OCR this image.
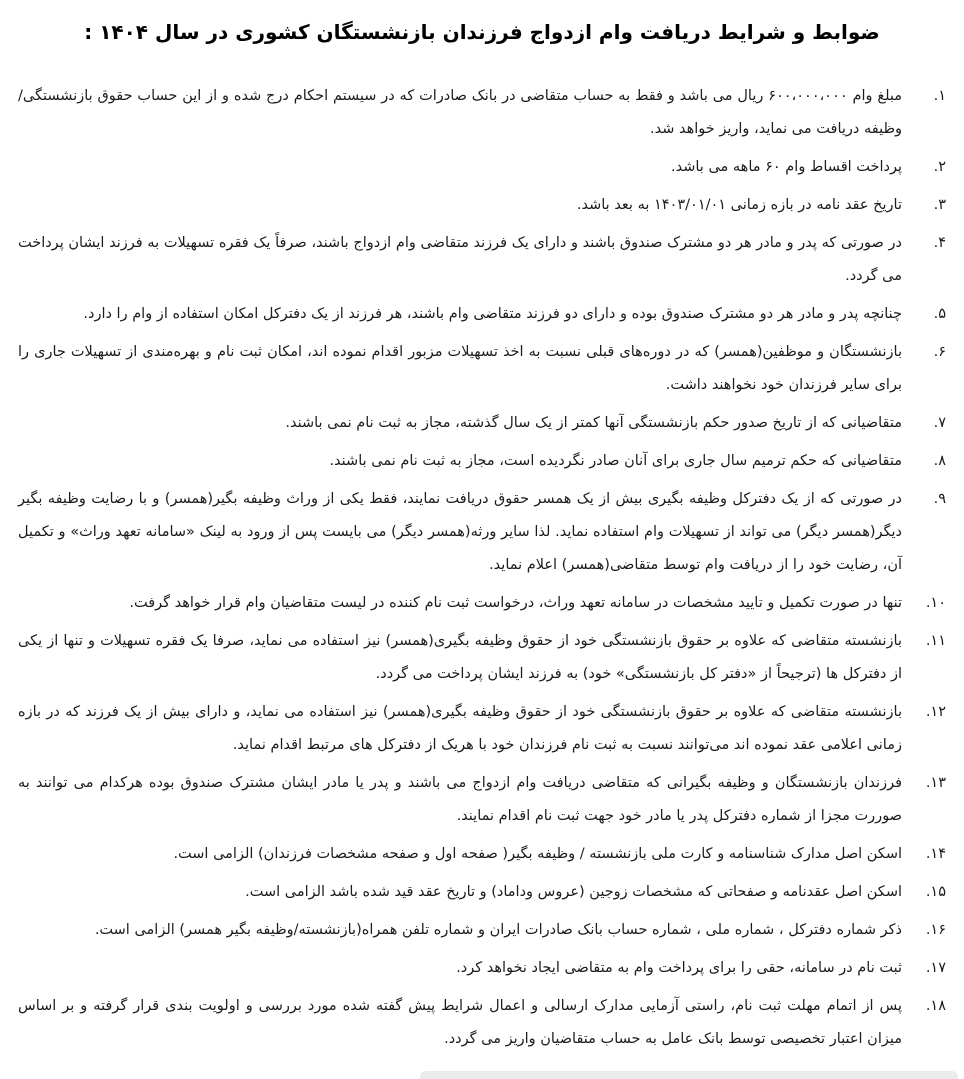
ضوابط و شرایط دریافت وام ازدواج فرزندان بازنشستگان کشوری در سال ۱۴۰۴ :
۱.
مبلغ وام ۶۰۰،۰۰۰،۰۰۰ ریال می باشد و فقط به حساب متقاضی در بانک صادرات که در سیستم احکام درج شده و از این حساب حقوق بازنشستگی/ وظیفه دریافت می نماید، واریز خواهد شد.
۲.
پرداخت اقساط وام ۶۰ ماهه می باشد.
۳.
تاریخ عقد نامه در بازه زمانی ۱۴۰۳/۰۱/۰۱ به بعد باشد.
۴.
در صورتی که پدر و مادر هر دو مشترک صندوق باشند و دارای یک فرزند متقاضی وام ازدواج باشند، صرفاً یک فقره تسهیلات به فرزند ایشان پرداخت می گردد.
۵.
چنانچه پدر و مادر هر دو مشترک صندوق بوده و دارای دو فرزند متقاضی وام باشند، هر فرزند از یک دفترکل امکان استفاده از وام را دارد.
۶.
بازنشستگان و موظفین(همسر) که در دوره‌های قبلی نسبت به اخذ تسهیلات مزبور اقدام نموده اند، امکان ثبت نام و بهره‌مندی از تسهیلات جاری را برای سایر فرزندان خود نخواهند داشت.
۷.
متقاضیانی که از تاریخ صدور حکم بازنشستگی آنها کمتر از یک سال گذشته، مجاز به ثبت نام نمی باشند.
۸.
متقاضیانی که حکم ترمیم سال جاری برای آنان صادر نگردیده است، مجاز به ثبت نام نمی باشند.
۹.
در صورتی که از یک دفترکل وظیفه بگیری بیش از یک همسر حقوق دریافت نمایند، فقط یکی از وراث وظیفه بگیر(همسر) و با رضایت وظیفه بگیر دیگر(همسر دیگر) می تواند از تسهیلات وام استفاده نماید. لذا سایر ورثه(همسر دیگر) می بایست پس از ورود به لینک «سامانه تعهد وراث» و تکمیل آن، رضایت خود را از دریافت وام توسط متقاضی(همسر) اعلام نماید.
۱۰.
تنها در صورت تکمیل و تایید مشخصات در سامانه تعهد وراث، درخواست ثبت نام کننده در لیست متقاضیان وام قرار خواهد گرفت.
۱۱.
بازنشسته متقاضی که علاوه بر حقوق بازنشستگی خود از حقوق وظیفه بگیری(همسر) نیز استفاده می نماید، صرفا یک فقره تسهیلات و تنها از یکی از دفترکل ها (ترجیحاً از «دفتر کل بازنشستگی» خود) به فرزند ایشان پرداخت می گردد.
۱۲.
بازنشسته متقاضی که علاوه بر حقوق بازنشستگی خود از حقوق وظیفه بگیری(همسر) نیز استفاده می نماید، و دارای بیش از یک فرزند که در بازه زمانی اعلامی عقد نموده اند می‌توانند نسبت به ثبت نام فرزندان خود با هریک از دفترکل های مرتبط اقدام نماید.
۱۳.
فرزندان بازنشستگان و وظیفه بگیرانی که متقاضی دریافت وام ازدواج می باشند و پدر یا مادر ایشان مشترک صندوق بوده هرکدام می توانند به صوررت مجزا از شماره دفترکل پدر یا مادر خود جهت ثبت نام اقدام نمایند.
۱۴.
اسکن اصل مدارک شناسنامه و کارت ملی بازنشسته / وظیفه بگیر( صفحه اول و صفحه مشخصات فرزندان) الزامی است.
۱۵.
اسکن اصل عقدنامه و صفحاتی که مشخصات زوجین (عروس وداماد) و تاریخ عقد قید شده باشد الزامی است.
۱۶.
ذکر شماره دفترکل ، شماره ملی ، شماره حساب بانک صادرات ایران و شماره تلفن همراه(بازنشسته/وظیفه بگیر همسر) الزامی است.
۱۷.
ثبت نام در سامانه، حقی را برای پرداخت وام به متقاضی ایجاد نخواهد کرد.
۱۸.
پس از اتمام مهلت ثبت نام، راستی آزمایی مدارک ارسالی و اعمال شرایط پیش گفته شده مورد بررسی و اولویت بندی قرار گرفته و بر اساس میزان اعتبار تخصیصی توسط بانک عامل به حساب متقاضیان واریز می گردد.
